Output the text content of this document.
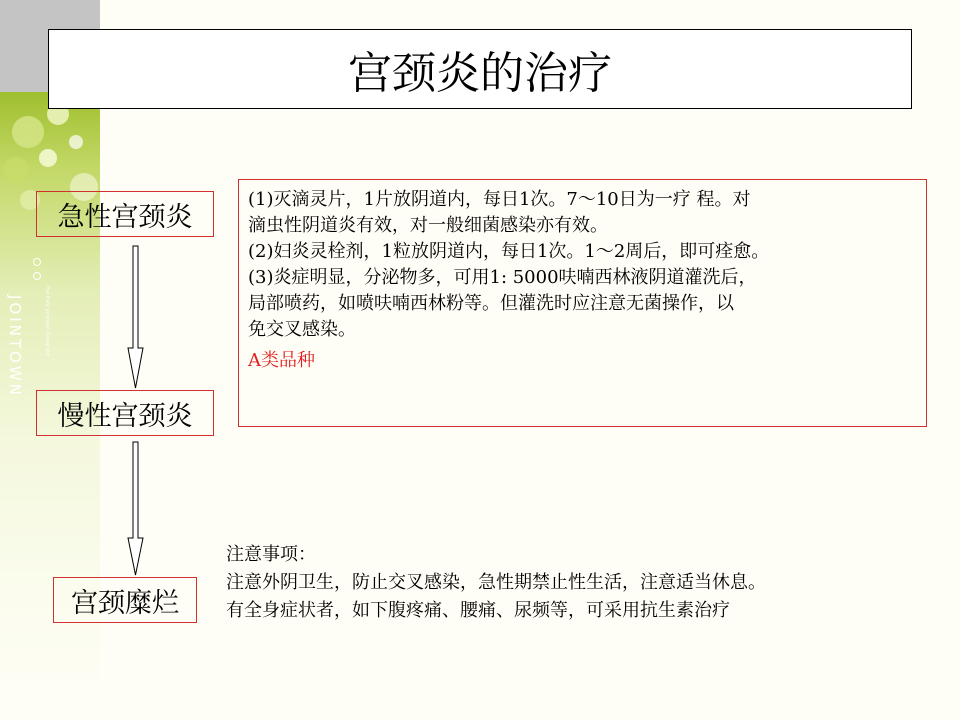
JOINTOWN	The Pure Jointown Group Ltd
宫颈炎的治疗
急性宫颈炎
慢性宫颈炎
宫颈糜烂

(1)灭滴灵片，1片放阴道内，每日1次。7～10日为一疗 程。对

滴虫性阴道炎有效，对一般细菌感染亦有效。

(2)妇炎灵栓剂，1粒放阴道内，每日1次。1～2周后，即可痊愈。

(3)炎症明显，分泌物多，可用1: 5000呋喃西林液阴道灌洗后，

局部喷药，如喷呋喃西林粉等。但灌洗时应注意无菌操作，以

免交叉感染。

A类品种

注意事项：

注意外阴卫生，防止交叉感染，急性期禁止性生活，注意适当休息。

有全身症状者，如下腹疼痛、腰痛、尿频等，可采用抗生素治疗
